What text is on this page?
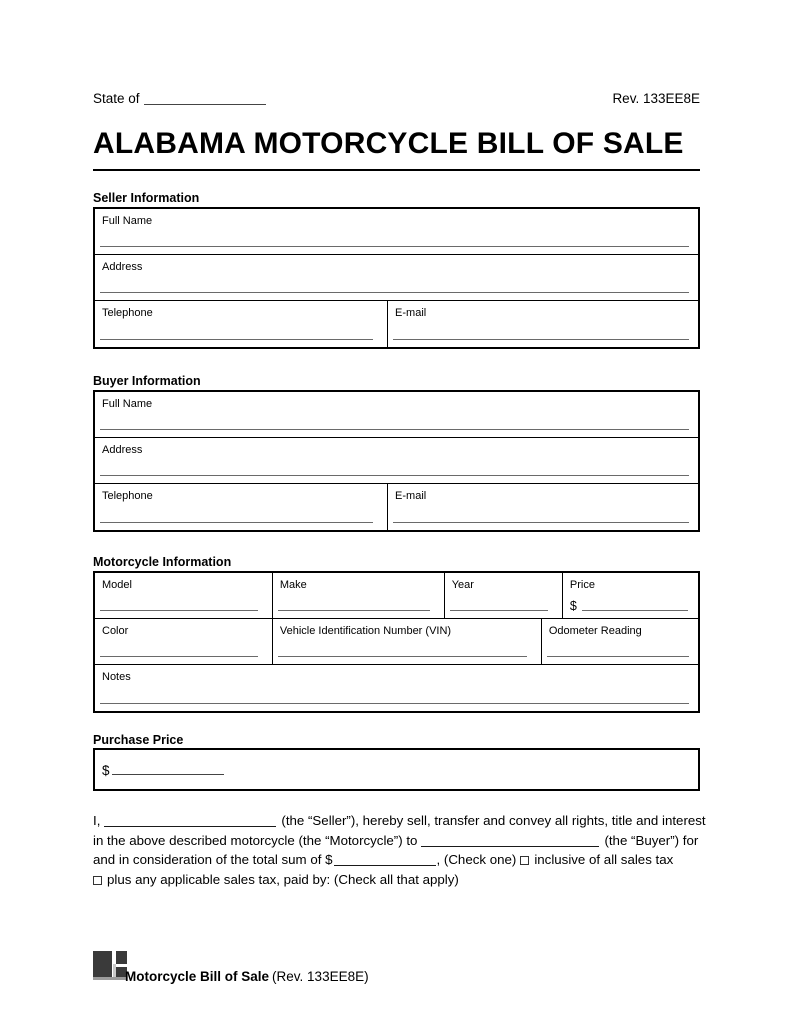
State of	Rev. 133EE8E
ALABAMA MOTORCYCLE BILL OF SALE
Seller Information
Full Name
Address
Telephone	E-mail
Buyer Information
Full Name
Address
Telephone	E-mail
Motorcycle Information
Model	Make	Year	Price
$
Color	Vehicle Identification Number (VIN)	Odometer Reading
Notes
Purchase Price
$
I,	(the “Seller”), hereby sell, transfer and convey all rights, title and interest
in the above described motorcycle (the “Motorcycle”) to	(the “Buyer”) for
and in consideration of the total sum of $	, (Check one) inclusive of all sales tax
plus any applicable sales tax, paid by: (Check all that apply)
Motorcycle Bill of Sale (Rev. 133EE8E)
